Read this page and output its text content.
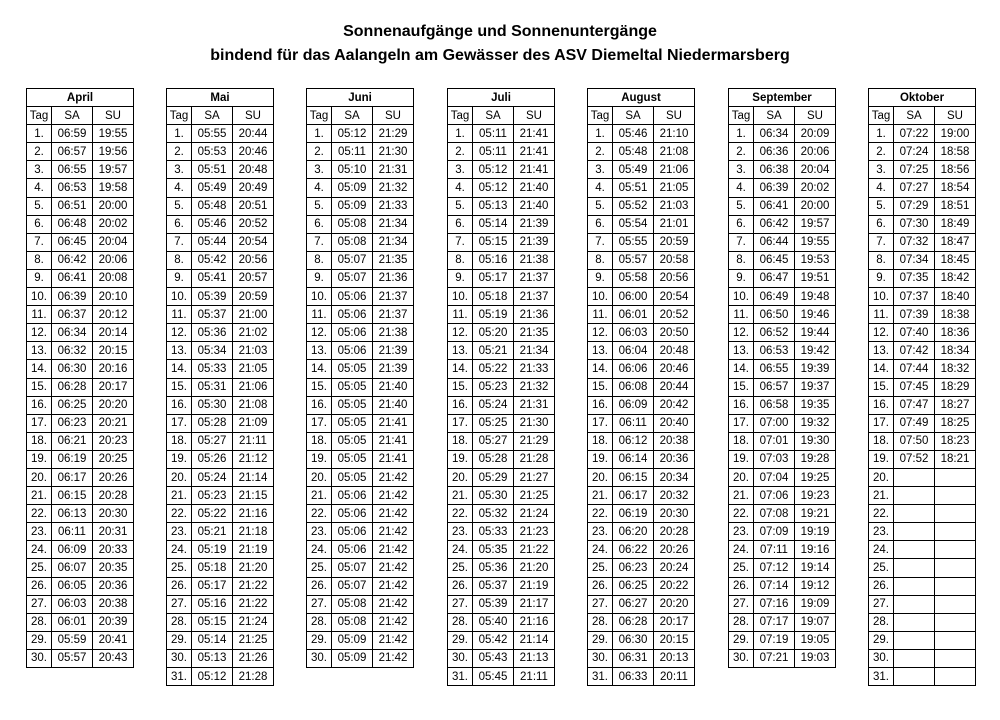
Sonnenaufgänge und Sonnenuntergänge
bindend für das Aalangeln am Gewässer des ASV Diemeltal Niedermarsberg
April		
Tag	SA	SU
1.	06:59	19:55
2.	06:57	19:56
3.	06:55	19:57
4.	06:53	19:58
5.	06:51	20:00
6.	06:48	20:02
7.	06:45	20:04
8.	06:42	20:06
9.	06:41	20:08
10.	06:39	20:10
11.	06:37	20:12
12.	06:34	20:14
13.	06:32	20:15
14.	06:30	20:16
15.	06:28	20:17
16.	06:25	20:20
17.	06:23	20:21
18.	06:21	20:23
19.	06:19	20:25
20.	06:17	20:26
21.	06:15	20:28
22.	06:13	20:30
23.	06:11	20:31
24.	06:09	20:33
25.	06:07	20:35
26.	06:05	20:36
27.	06:03	20:38
28.	06:01	20:39
29.	05:59	20:41
30.	05:57	20:43
Mai		
Tag	SA	SU
1.	05:55	20:44
2.	05:53	20:46
3.	05:51	20:48
4.	05:49	20:49
5.	05:48	20:51
6.	05:46	20:52
7.	05:44	20:54
8.	05:42	20:56
9.	05:41	20:57
10.	05:39	20:59
11.	05:37	21:00
12.	05:36	21:02
13.	05:34	21:03
14.	05:33	21:05
15.	05:31	21:06
16.	05:30	21:08
17.	05:28	21:09
18.	05:27	21:11
19.	05:26	21:12
20.	05:24	21:14
21.	05:23	21:15
22.	05:22	21:16
23.	05:21	21:18
24.	05:19	21:19
25.	05:18	21:20
26.	05:17	21:22
27.	05:16	21:22
28.	05:15	21:24
29.	05:14	21:25
30.	05:13	21:26
31.	05:12	21:28
Juni		
Tag	SA	SU
1.	05:12	21:29
2.	05:11	21:30
3.	05:10	21:31
4.	05:09	21:32
5.	05:09	21:33
6.	05:08	21:34
7.	05:08	21:34
8.	05:07	21:35
9.	05:07	21:36
10.	05:06	21:37
11.	05:06	21:37
12.	05:06	21:38
13.	05:06	21:39
14.	05:05	21:39
15.	05:05	21:40
16.	05:05	21:40
17.	05:05	21:41
18.	05:05	21:41
19.	05:05	21:41
20.	05:05	21:42
21.	05:06	21:42
22.	05:06	21:42
23.	05:06	21:42
24.	05:06	21:42
25.	05:07	21:42
26.	05:07	21:42
27.	05:08	21:42
28.	05:08	21:42
29.	05:09	21:42
30.	05:09	21:42
Juli		
Tag	SA	SU
1.	05:11	21:41
2.	05:11	21:41
3.	05:12	21:41
4.	05:12	21:40
5.	05:13	21:40
6.	05:14	21:39
7.	05:15	21:39
8.	05:16	21:38
9.	05:17	21:37
10.	05:18	21:37
11.	05:19	21:36
12.	05:20	21:35
13.	05:21	21:34
14.	05:22	21:33
15.	05:23	21:32
16.	05:24	21:31
17.	05:25	21:30
18.	05:27	21:29
19.	05:28	21:28
20.	05:29	21:27
21.	05:30	21:25
22.	05:32	21:24
23.	05:33	21:23
24.	05:35	21:22
25.	05:36	21:20
26.	05:37	21:19
27.	05:39	21:17
28.	05:40	21:16
29.	05:42	21:14
30.	05:43	21:13
31.	05:45	21:11
August		
Tag	SA	SU
1.	05:46	21:10
2.	05:48	21:08
3.	05:49	21:06
4.	05:51	21:05
5.	05:52	21:03
6.	05:54	21:01
7.	05:55	20:59
8.	05:57	20:58
9.	05:58	20:56
10.	06:00	20:54
11.	06:01	20:52
12.	06:03	20:50
13.	06:04	20:48
14.	06:06	20:46
15.	06:08	20:44
16.	06:09	20:42
17.	06:11	20:40
18.	06:12	20:38
19.	06:14	20:36
20.	06:15	20:34
21.	06:17	20:32
22.	06:19	20:30
23.	06:20	20:28
24.	06:22	20:26
25.	06:23	20:24
26.	06:25	20:22
27.	06:27	20:20
28.	06:28	20:17
29.	06:30	20:15
30.	06:31	20:13
31.	06:33	20:11
September		
Tag	SA	SU
1.	06:34	20:09
2.	06:36	20:06
3.	06:38	20:04
4.	06:39	20:02
5.	06:41	20:00
6.	06:42	19:57
7.	06:44	19:55
8.	06:45	19:53
9.	06:47	19:51
10.	06:49	19:48
11.	06:50	19:46
12.	06:52	19:44
13.	06:53	19:42
14.	06:55	19:39
15.	06:57	19:37
16.	06:58	19:35
17.	07:00	19:32
18.	07:01	19:30
19.	07:03	19:28
20.	07:04	19:25
21.	07:06	19:23
22.	07:08	19:21
23.	07:09	19:19
24.	07:11	19:16
25.	07:12	19:14
26.	07:14	19:12
27.	07:16	19:09
28.	07:17	19:07
29.	07:19	19:05
30.	07:21	19:03
Oktober		
Tag	SA	SU
1.	07:22	19:00
2.	07:24	18:58
3.	07:25	18:56
4.	07:27	18:54
5.	07:29	18:51
6.	07:30	18:49
7.	07:32	18:47
8.	07:34	18:45
9.	07:35	18:42
10.	07:37	18:40
11.	07:39	18:38
12.	07:40	18:36
13.	07:42	18:34
14.	07:44	18:32
15.	07:45	18:29
16.	07:47	18:27
17.	07:49	18:25
18.	07:50	18:23
19.	07:52	18:21
20.		
21.		
22.		
23.		
24.		
25.		
26.		
27.		
28.		
29.		
30.		
31.		
